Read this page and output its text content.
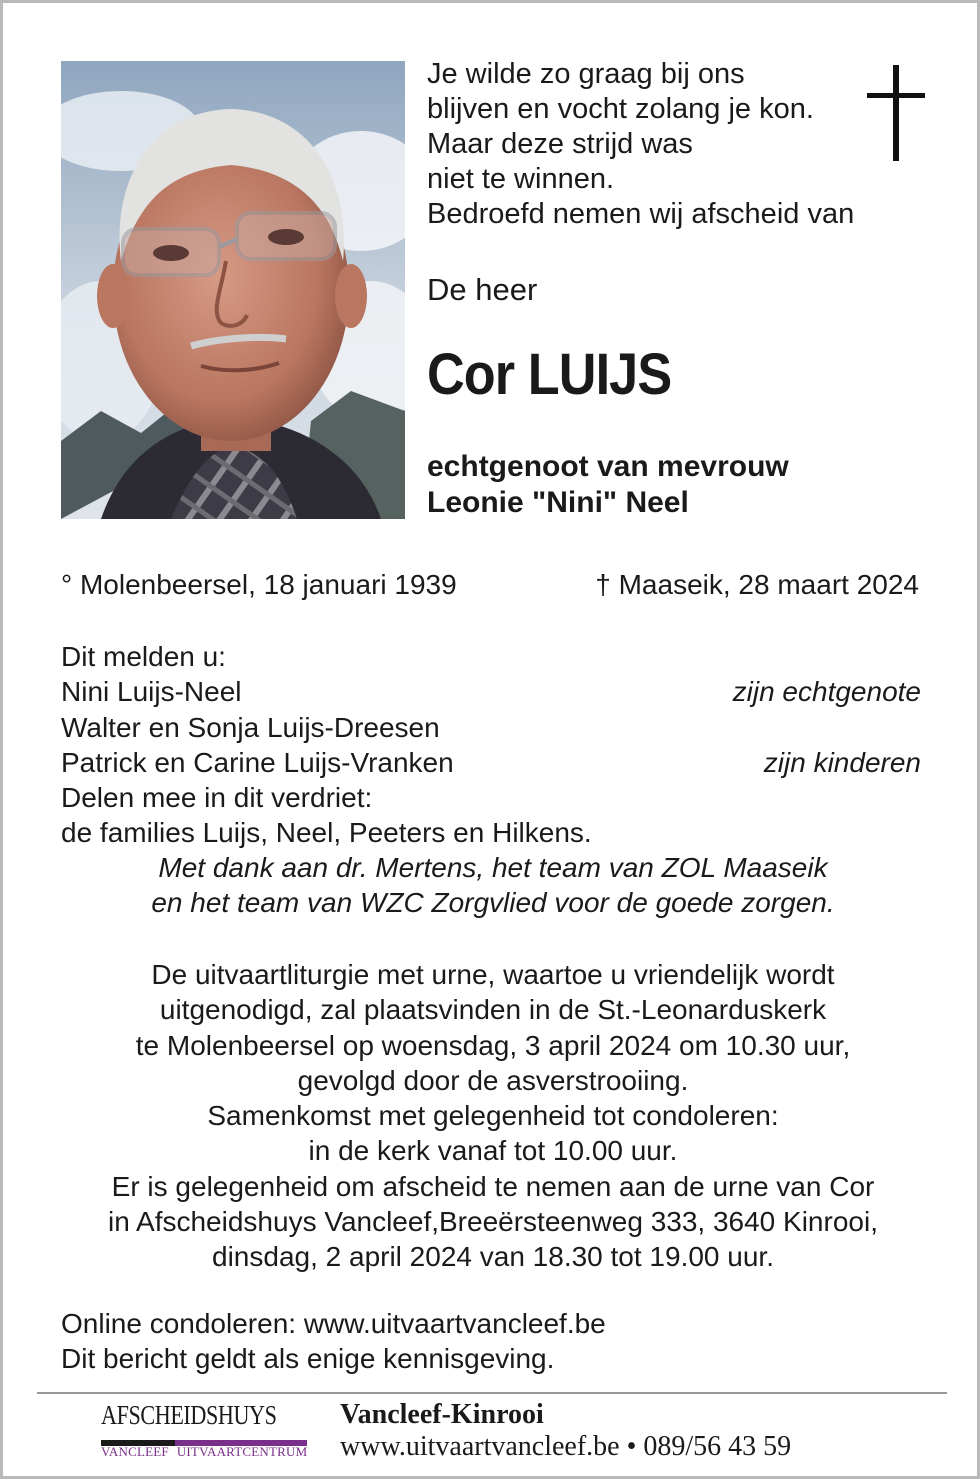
Je wilde zo graag bij ons
blijven en vocht zolang je kon.
Maar deze strijd was
niet te winnen.
Bedroefd nemen wij afscheid van
De heer
Cor LUIJS
echtgenoot van mevrouw
Leonie "Nini" Neel
° Molenbeersel, 18 januari 1939	† Maaseik, 28 maart 2024
Dit melden u:
Nini Luijs-Neel	zijn echtgenote
Walter en Sonja Luijs-Dreesen
Patrick en Carine Luijs-Vranken	zijn kinderen
Delen mee in dit verdriet:
de families Luijs, Neel, Peeters en Hilkens.
Met dank aan dr. Mertens, het team van ZOL Maaseik
en het team van WZC Zorgvlied voor de goede zorgen.
De uitvaartliturgie met urne, waartoe u vriendelijk wordt
uitgenodigd, zal plaatsvinden in de St.-Leonarduskerk
te Molenbeersel op woensdag, 3 april 2024 om 10.30 uur,
gevolgd door de asverstrooiing.
Samenkomst met gelegenheid tot condoleren:
in de kerk vanaf tot 10.00 uur.
Er is gelegenheid om afscheid te nemen aan de urne van Cor
in Afscheidshuys Vancleef,Breeërsteenweg 333, 3640 Kinrooi,
dinsdag, 2 april 2024 van 18.30 tot 19.00 uur.
Online condoleren: www.uitvaartvancleef.be
Dit bericht geldt als enige kennisgeving.
AFSCHEIDSHUYS
VANCLEEF UITVAARTCENTRUM
Vancleef-Kinrooi
www.uitvaartvancleef.be • 089/56 43 59
